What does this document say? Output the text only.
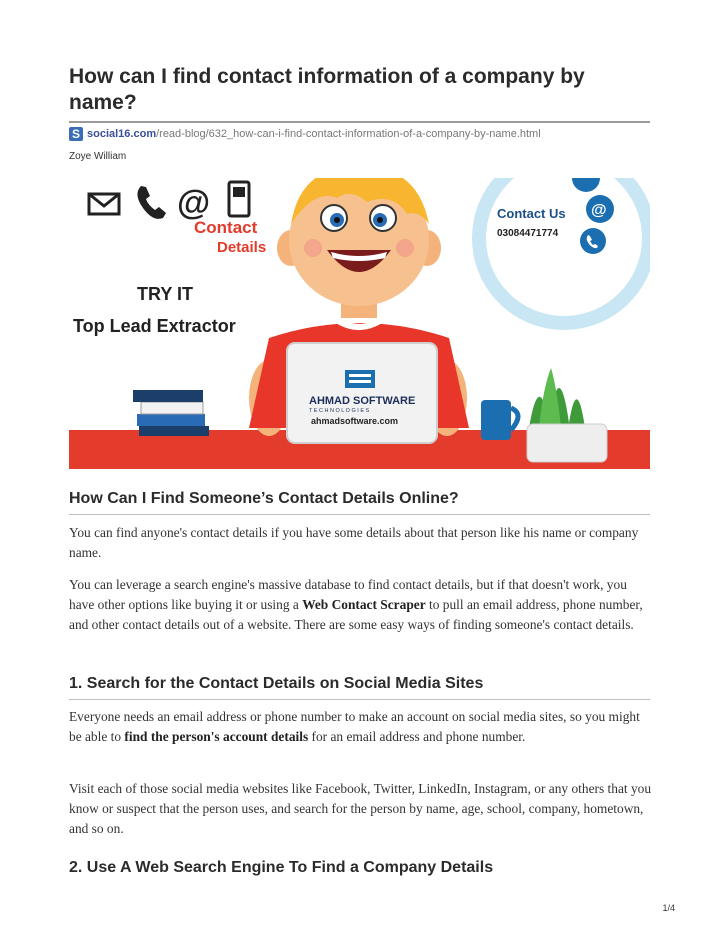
How can I find contact information of a company by name?
S social16.com /read-blog/632_how-can-i-find-contact-information-of-a-company-by-name.html
Zoye William
@
Contact
Details
TRY IT
Top Lead Extractor
Contact Us
03084471774
@
AHMAD SOFTWARE
T E C H N O L O G I E S
ahmadsoftware.com
How Can I Find Someone’s Contact Details Online?

You can find anyone's contact details if you have some details about that person like his name or company name.

You can leverage a search engine's massive database to find contact details, but if that doesn't work, you have other options like buying it or using a Web Contact Scraper to pull an email address, phone number, and other contact details out of a website. There are some easy ways of finding someone's contact details.

1. Search for the Contact Details on Social Media Sites

Everyone needs an email address or phone number to make an account on social media sites, so you might be able to find the person's account details for an email address and phone number.

Visit each of those social media websites like Facebook, Twitter, LinkedIn, Instagram, or any others that you know or suspect that the person uses, and search for the person by name, age, school, company, hometown, and so on.

2. Use A Web Search Engine To Find a Company Details
1/4
